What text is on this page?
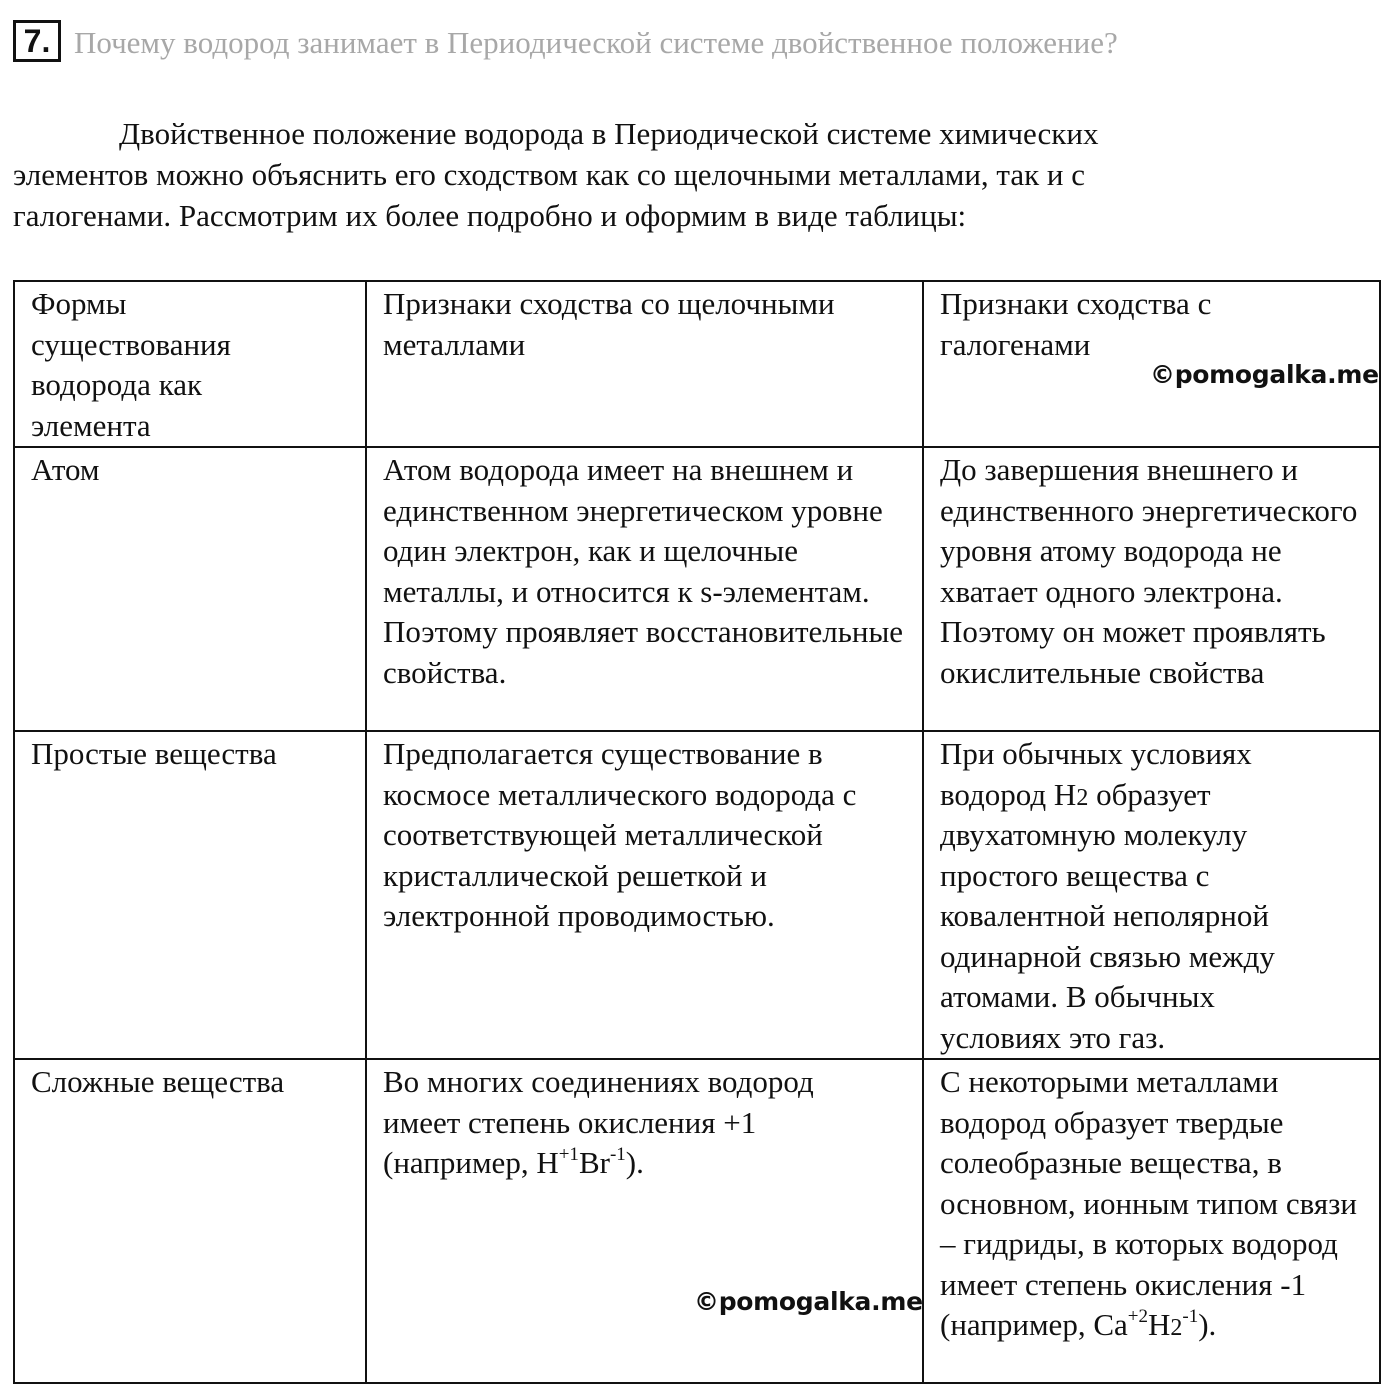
7. Почему водород занимает в Периодической системе двойственное положение?

Двойственное положение водорода в Периодической системе химических
элементов можно объяснить его сходством как со щелочными металлами, так и с
галогенами. Рассмотрим их более подробно и оформим в виде таблицы:

Формы существования водорода как элемента	Признаки сходства со щелочными металлами	Признаки сходства с галогенами

Атом	Атом водорода имеет на внешнем и единственном энергетическом уровне один электрон, как и щелочные металлы, и относится к s-элементам. Поэтому проявляет восстановительные свойства.	До завершения внешнего и единственного энергетического уровня атому водорода не хватает одного электрона. Поэтому он может проявлять окислительные свойства

Простые вещества	Предполагается существование в космосе металлического водорода с соответствующей металлической кристаллической решеткой и электронной проводимостью.	При обычных условиях водород H2 образует двухатомную молекулу простого вещества с ковалентной неполярной одинарной связью между атомами. В обычных условиях это газ.

Сложные вещества	Во многих соединениях водород имеет степень окисления +1 (например, $H^{+1}Br^{-1}$).	С некоторыми металлами водород образует твердые солеобразные вещества, в основном, ионным типом связи – гидриды, в которых водород имеет степень окисления -1 (например, $Ca^{+2}H2^{-1}$).
©pomogalka.me
©pomogalka.me
